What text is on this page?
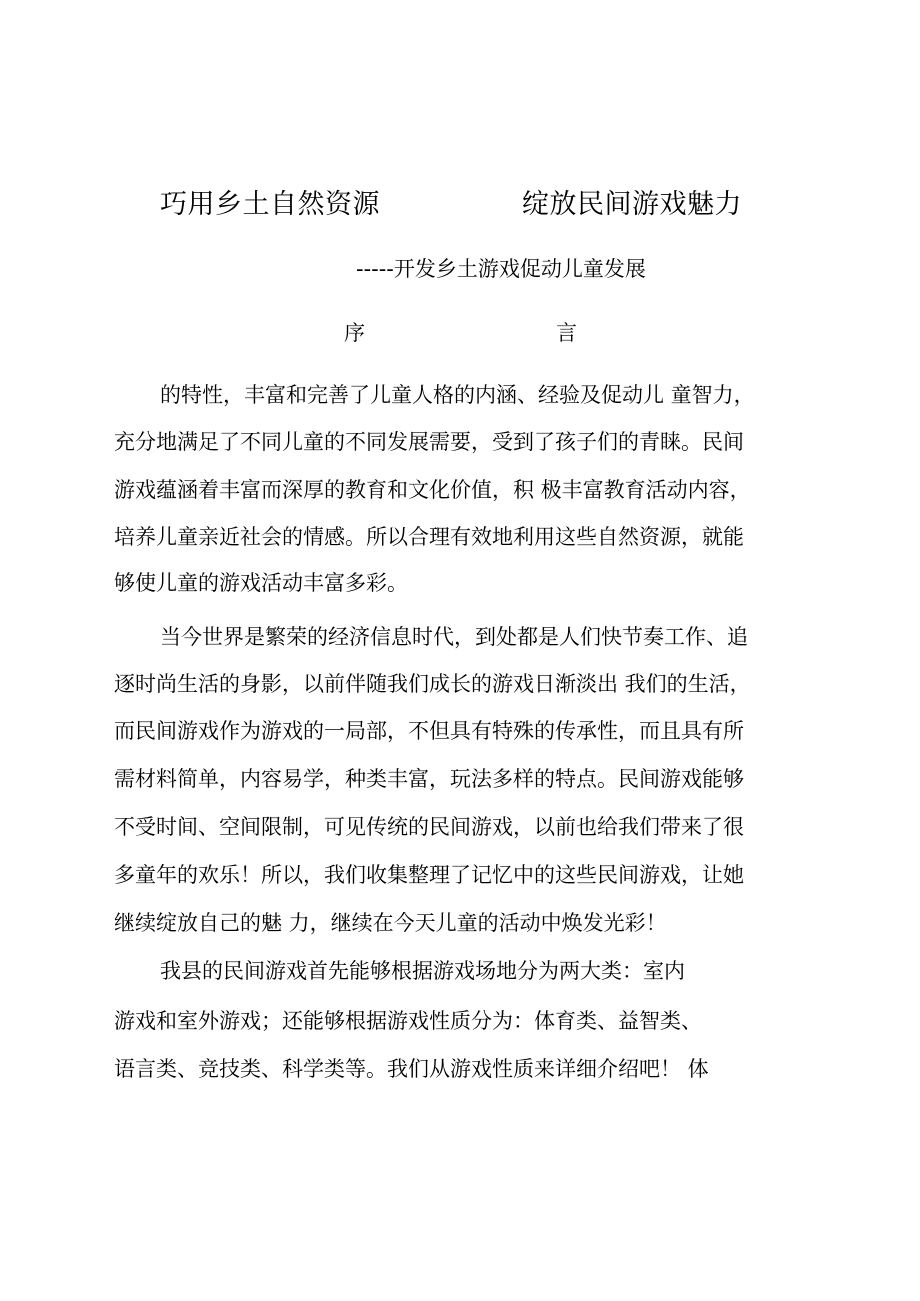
巧用乡土自然资源	绽放民间游戏魅力
-----开发乡土游戏促动儿童发展
序	言
的特性，丰富和完善了儿童人格的内涵、经验及促动儿 童智力，
充分地满足了不同儿童的不同发展需要，受到了孩子们的青睐。民间
游戏蕴涵着丰富而深厚的教育和文化价值，积 极丰富教育活动内容，
培养儿童亲近社会的情感。所以合理有效地利用这些自然资源，就能
够使儿童的游戏活动丰富多彩。
当今世界是繁荣的经济信息时代，到处都是人们快节奏工作、追
逐时尚生活的身影，以前伴随我们成长的游戏日渐淡出 我们的生活，
而民间游戏作为游戏的一局部，不但具有特殊的传承性，而且具有所
需材料简单，内容易学，种类丰富，玩法多样的特点。民间游戏能够
不受时间、空间限制，可见传统的民间游戏，以前也给我们带来了很
多童年的欢乐！所以，我们收集整理了记忆中的这些民间游戏，让她
继续绽放自己的魅 力，继续在今天儿童的活动中焕发光彩！
我县的民间游戏首先能够根据游戏场地分为两大类：室内
游戏和室外游戏；还能够根据游戏性质分为：体育类、益智类、
语言类、竞技类、科学类等。我们从游戏性质来详细介绍吧！ 体
